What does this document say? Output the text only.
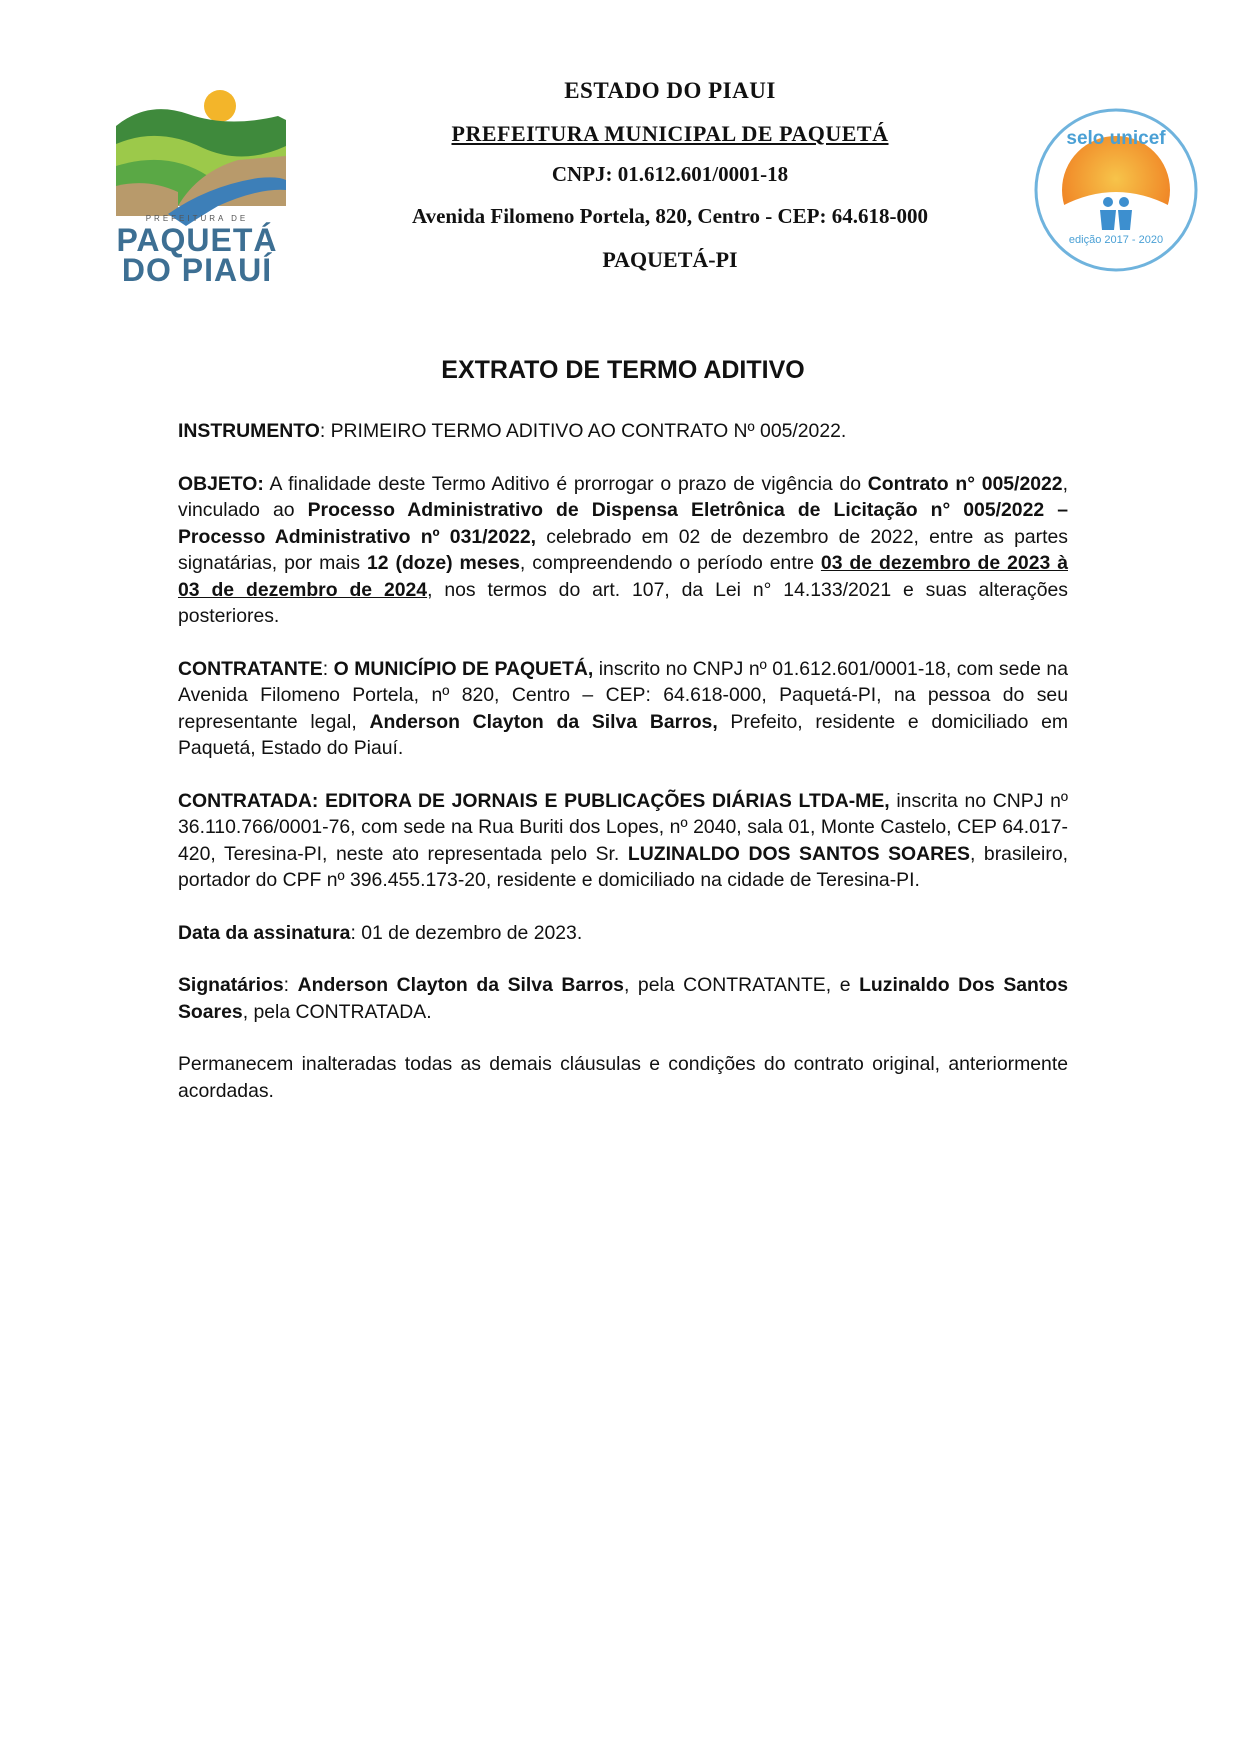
PREFEITURA DE
PAQUETÁ
DO PIAUÍ
ESTADO DO PIAUI
PREFEITURA MUNICIPAL DE PAQUETÁ
CNPJ: 01.612.601/0001-18
Avenida Filomeno Portela, 820, Centro - CEP: 64.618-000
PAQUETÁ-PI
selo unicef
edição 2017 - 2020
EXTRATO DE TERMO ADITIVO

INSTRUMENTO: PRIMEIRO TERMO ADITIVO AO CONTRATO Nº 005/2022.

OBJETO: A finalidade deste Termo Aditivo é prorrogar o prazo de vigência do Contrato n° 005/2022, vinculado ao Processo Administrativo de Dispensa Eletrônica de Licitação n° 005/2022 – Processo Administrativo nº 031/2022, celebrado em 02 de dezembro de 2022, entre as partes signatárias, por mais 12 (doze) meses, compreendendo o período entre 03 de dezembro de 2023 à 03 de dezembro de 2024, nos termos do art. 107, da Lei n° 14.133/2021 e suas alterações posteriores.

CONTRATANTE: O MUNICÍPIO DE PAQUETÁ, inscrito no CNPJ nº 01.612.601/0001-18, com sede na Avenida Filomeno Portela, nº 820, Centro – CEP: 64.618-000, Paquetá-PI, na pessoa do seu representante legal, Anderson Clayton da Silva Barros, Prefeito, residente e domiciliado em Paquetá, Estado do Piauí.

CONTRATADA: EDITORA DE JORNAIS E PUBLICAÇÕES DIÁRIAS LTDA-ME, inscrita no CNPJ nº 36.110.766/0001-76, com sede na Rua Buriti dos Lopes, nº 2040, sala 01, Monte Castelo, CEP 64.017-420, Teresina-PI, neste ato representada pelo Sr. LUZINALDO DOS SANTOS SOARES, brasileiro, portador do CPF nº 396.455.173-20, residente e domiciliado na cidade de Teresina-PI.

Data da assinatura: 01 de dezembro de 2023.

Signatários: Anderson Clayton da Silva Barros, pela CONTRATANTE, e Luzinaldo Dos Santos Soares, pela CONTRATADA.

Permanecem inalteradas todas as demais cláusulas e condições do contrato original, anteriormente acordadas.
